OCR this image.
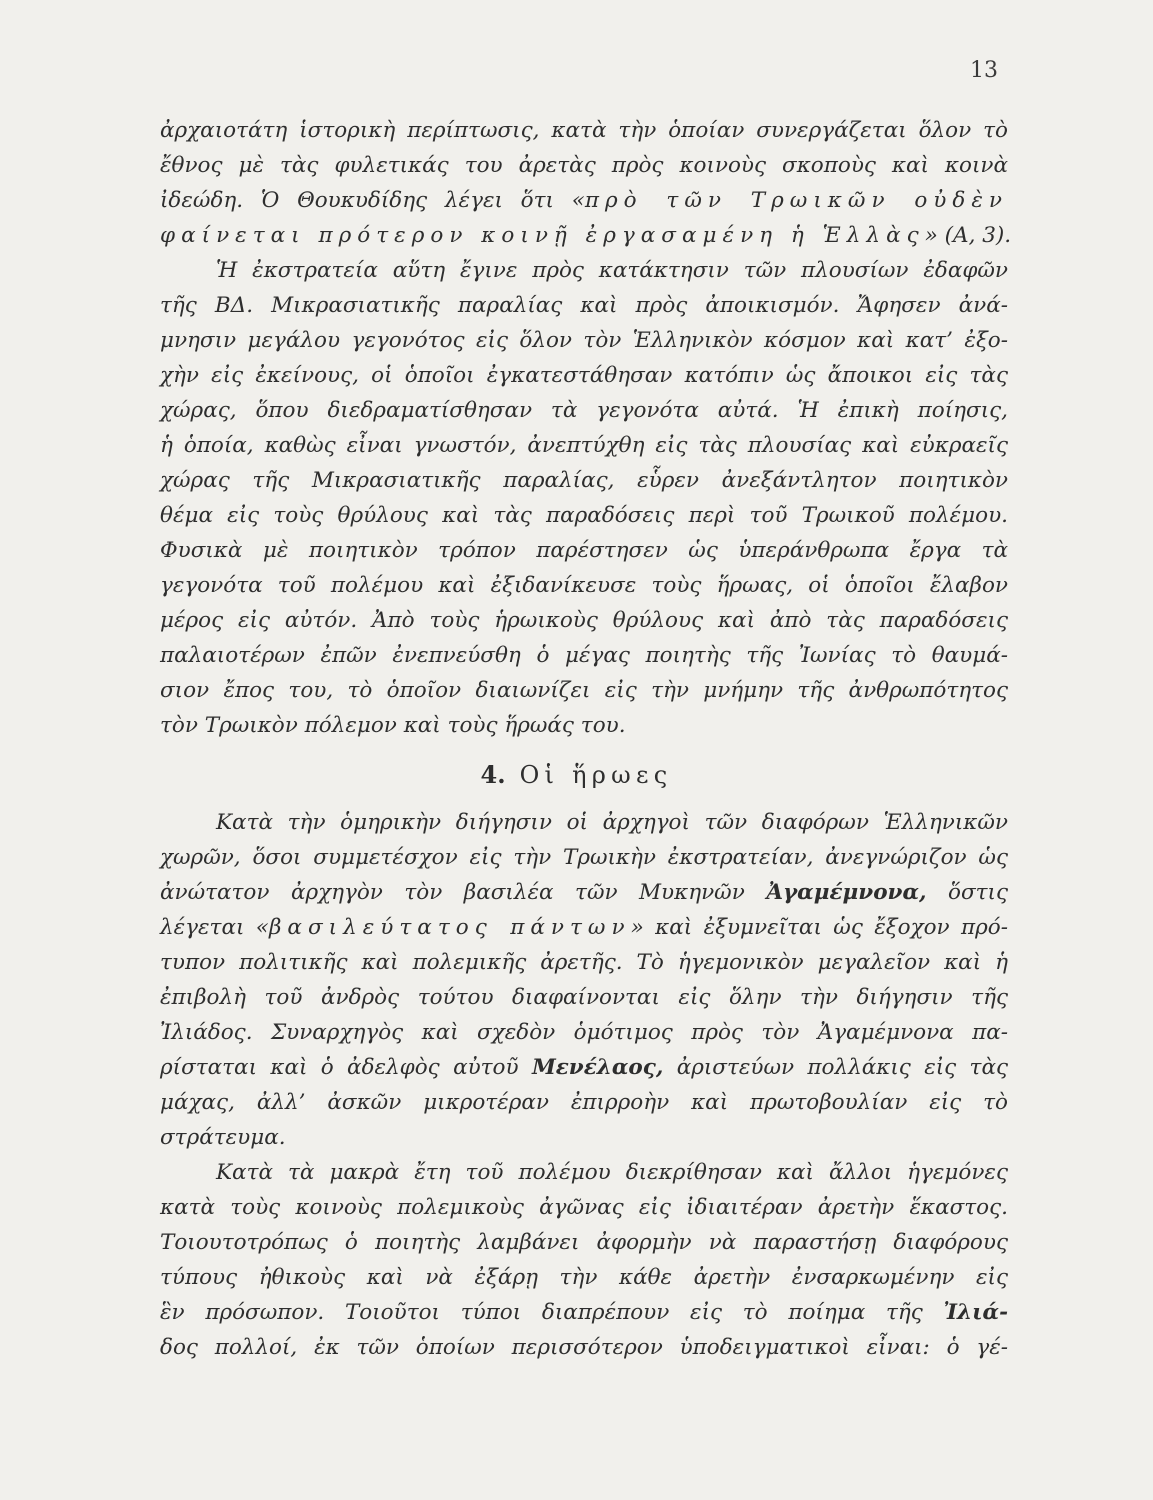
13
ἀρχαιοτάτη ἱστορικὴ περίπτωσις, κατὰ τὴν ὁποίαν συνεργάζεται ὅλον τὸ
ἔθνος μὲ τὰς φυλετικάς του ἀρετὰς πρὸς κοινοὺς σκοποὺς καὶ κοινὰ
ἰδεώδη. Ὁ Θουκυδίδης λέγει ὅτι «πρὸ τῶν Τρωικῶν οὐδὲν
φαίνεται πρότερον κοινῇ ἐργασαμένη ἡ Ἑλλὰς» (Α, 3).
Ἡ ἐκστρατεία αὕτη ἔγινε πρὸς κατάκτησιν τῶν πλουσίων ἐδαφῶν
τῆς ΒΔ. Μικρασιατικῆς παραλίας καὶ πρὸς ἀποικισμόν. Ἄφησεν ἀνά-
μνησιν μεγάλου γεγονότος εἰς ὅλον τὸν Ἑλληνικὸν κόσμον καὶ κατ’ ἐξο-
χὴν εἰς ἐκείνους, οἱ ὁποῖοι ἐγκατεστάθησαν κατόπιν ὡς ἄποικοι εἰς τὰς
χώρας, ὅπου διεδραματίσθησαν τὰ γεγονότα αὐτά. Ἡ ἐπικὴ ποίησις,
ἡ ὁποία, καθὼς εἶναι γνωστόν, ἀνεπτύχθη εἰς τὰς πλουσίας καὶ εὐκραεῖς
χώρας τῆς Μικρασιατικῆς παραλίας, εὗρεν ἀνεξάντλητον ποιητικὸν
θέμα εἰς τοὺς θρύλους καὶ τὰς παραδόσεις περὶ τοῦ Τρωικοῦ πολέμου.
Φυσικὰ μὲ ποιητικὸν τρόπον παρέστησεν ὡς ὑπεράνθρωπα ἔργα τὰ
γεγονότα τοῦ πολέμου καὶ ἐξιδανίκευσε τοὺς ἥρωας, οἱ ὁποῖοι ἔλαβον
μέρος εἰς αὐτόν. Ἀπὸ τοὺς ἡρωικοὺς θρύλους καὶ ἀπὸ τὰς παραδόσεις
παλαιοτέρων ἐπῶν ἐνεπνεύσθη ὁ μέγας ποιητὴς τῆς Ἰωνίας τὸ θαυμά-
σιον ἔπος του, τὸ ὁποῖον διαιωνίζει εἰς τὴν μνήμην τῆς ἀνθρωπότητος
τὸν Τρωικὸν πόλεμον καὶ τοὺς ἥρωάς του.
4. Οἱ ἥρωες
Κατὰ τὴν ὁμηρικὴν διήγησιν οἱ ἀρχηγοὶ τῶν διαφόρων Ἑλληνικῶν
χωρῶν, ὅσοι συμμετέσχον εἰς τὴν Τρωικὴν ἐκστρατείαν, ἀνεγνώριζον ὡς
ἀνώτατον ἀρχηγὸν τὸν βασιλέα τῶν Μυκηνῶν Ἀγαμέμνονα, ὅστις
λέγεται «βασιλεύτατος πάντων» καὶ ἐξυμνεῖται ὡς ἔξοχον πρό-
τυπον πολιτικῆς καὶ πολεμικῆς ἀρετῆς. Τὸ ἡγεμονικὸν μεγαλεῖον καὶ ἡ
ἐπιβολὴ τοῦ ἀνδρὸς τούτου διαφαίνονται εἰς ὅλην τὴν διήγησιν τῆς
Ἰλιάδος. Συναρχηγὸς καὶ σχεδὸν ὁμότιμος πρὸς τὸν Ἀγαμέμνονα πα-
ρίσταται καὶ ὁ ἀδελφὸς αὐτοῦ Μενέλαος, ἀριστεύων πολλάκις εἰς τὰς
μάχας, ἀλλ’ ἀσκῶν μικροτέραν ἐπιρροὴν καὶ πρωτοβουλίαν εἰς τὸ
στράτευμα.
Κατὰ τὰ μακρὰ ἔτη τοῦ πολέμου διεκρίθησαν καὶ ἄλλοι ἡγεμόνες
κατὰ τοὺς κοινοὺς πολεμικοὺς ἀγῶνας εἰς ἰδιαιτέραν ἀρετὴν ἕκαστος.
Τοιουτοτρόπως ὁ ποιητὴς λαμβάνει ἀφορμὴν νὰ παραστήσῃ διαφόρους
τύπους ἠθικοὺς καὶ νὰ ἐξάρῃ τὴν κάθε ἀρετὴν ἐνσαρκωμένην εἰς
ἓν πρόσωπον. Τοιοῦτοι τύποι διαπρέπουν εἰς τὸ ποίημα τῆς Ἰλιά-
δος πολλοί, ἐκ τῶν ὁποίων περισσότερον ὑποδειγματικοὶ εἶναι: ὁ γέ-
